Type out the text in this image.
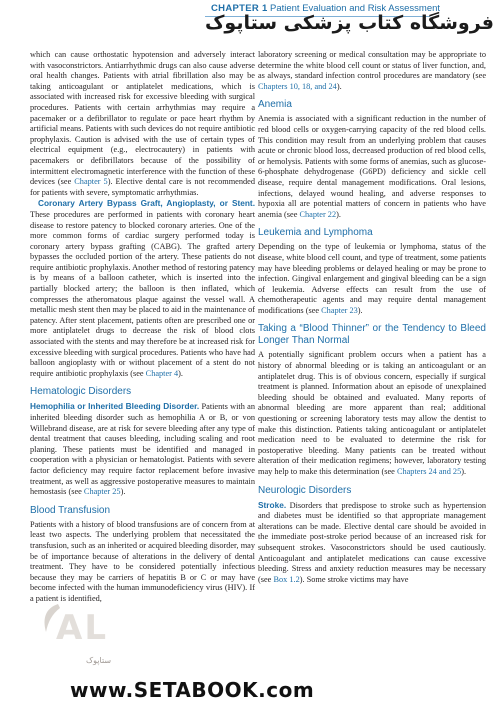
CHAPTER 1 Patient Evaluation and Risk Assessment
فروشگاه کتاب پزشکی ستاپوک

which can cause orthostatic hypotension and adversely interact with vasoconstrictors. Antiarrhythmic drugs can also cause adverse oral health changes. Patients with atrial fibrillation also may be taking anticoagulant or antiplatelet medications, which is associated with increased risk for excessive bleeding with surgical procedures. Patients with certain arrhythmias may require a pacemaker or a defibrillator to regulate or pace heart rhythm by artificial means. Patients with such devices do not require antibiotic prophylaxis. Caution is advised with the use of certain types of electrical equipment (e.g., electrocautery) in patients with pacemakers or defibrillators because of the possibility of intermittent electromagnetic interference with the function of these devices (see Chapter 5). Elective dental care is not recommended for patients with severe, symptomatic arrhythmias.

Coronary Artery Bypass Graft, Angioplasty, or Stent. These procedures are performed in patients with coronary heart disease to restore patency to blocked coronary arteries. One of the more common forms of cardiac surgery performed today is coronary artery bypass grafting (CABG). The grafted artery bypasses the occluded portion of the artery. These patients do not require antibiotic prophylaxis. Another method of restoring patency is by means of a balloon catheter, which is inserted into the partially blocked artery; the balloon is then inflated, which compresses the atheromatous plaque against the vessel wall. A metallic mesh stent then may be placed to aid in the maintenance of patency. After stent placement, patients often are prescribed one or more antiplatelet drugs to decrease the risk of blood clots associated with the stents and may therefore be at increased risk for excessive bleeding with surgical procedures. Patients who have had balloon angioplasty with or without placement of a stent do not require antibiotic prophylaxis (see Chapter 4).

Hematologic Disorders

Hemophilia or Inherited Bleeding Disorder. Patients with an inherited bleeding disorder such as hemophilia A or B, or von Willebrand disease, are at risk for severe bleeding after any type of dental treatment that causes bleeding, including scaling and root planing. These patients must be identified and managed in cooperation with a physician or hematologist. Patients with severe factor deficiency may require factor replacement before invasive treatment, as well as aggressive postoperative measures to maintain hemostasis (see Chapter 25).

Blood Transfusion

Patients with a history of blood transfusions are of concern from at least two aspects. The underlying problem that necessitated the transfusion, such as an inherited or acquired bleeding disorder, may be of importance because of alterations in the delivery of dental treatment. They have to be considered potentially infectious because they may be carriers of hepatitis B or C or may have become infected with the human immunodeficiency virus (HIV). If a patient is identified,

laboratory screening or medical consultation may be appropriate to determine the white blood cell count or status of liver function, and, as always, standard infection control procedures are mandatory (see Chapters 10, 18, and 24).

Anemia

Anemia is associated with a significant reduction in the number of red blood cells or oxygen-carrying capacity of the red blood cells. This condition may result from an underlying problem that causes acute or chronic blood loss, decreased production of red blood cells, or hemolysis. Patients with some forms of anemias, such as glucose-6-phosphate dehydrogenase (G6PD) deficiency and sickle cell disease, require dental management modifications. Oral lesions, infections, delayed wound healing, and adverse responses to hypoxia all are potential matters of concern in patients who have anemia (see Chapter 22).

Leukemia and Lymphoma

Depending on the type of leukemia or lymphoma, status of the disease, white blood cell count, and type of treatment, some patients may have bleeding problems or delayed healing or may be prone to infection. Gingival enlargement and gingival bleeding can be a sign of leukemia. Adverse effects can result from the use of chemotherapeutic agents and may require dental management modifications (see Chapter 23).

Taking a “Blood Thinner” or the Tendency to Bleed Longer Than Normal

A potentially significant problem occurs when a patient has a history of abnormal bleeding or is taking an anticoagulant or an antiplatelet drug. This is of obvious concern, especially if surgical treatment is planned. Information about an episode of unexplained bleeding should be obtained and evaluated. Many reports of abnormal bleeding are more apparent than real; additional questioning or screening laboratory tests may allow the dentist to make this distinction. Patients taking anticoagulant or antiplatelet medication need to be evaluated to determine the risk for postoperative bleeding. Many patients can be treated without alteration of their medication regimens; however, laboratory testing may help to make this determination (see Chapters 24 and 25).

Neurologic Disorders

Stroke. Disorders that predispose to stroke such as hypertension and diabetes must be identified so that appropriate management alterations can be made. Elective dental care should be avoided in the immediate post-stroke period because of an increased risk for subsequent strokes. Vasoconstrictors should be used cautiously. Anticoagulant and antiplatelet medications can cause excessive bleeding. Stress and anxiety reduction measures may be necessary (see Box 1.2). Some stroke victims may have

AL
ستاپوک
www.SETABOOK.com
